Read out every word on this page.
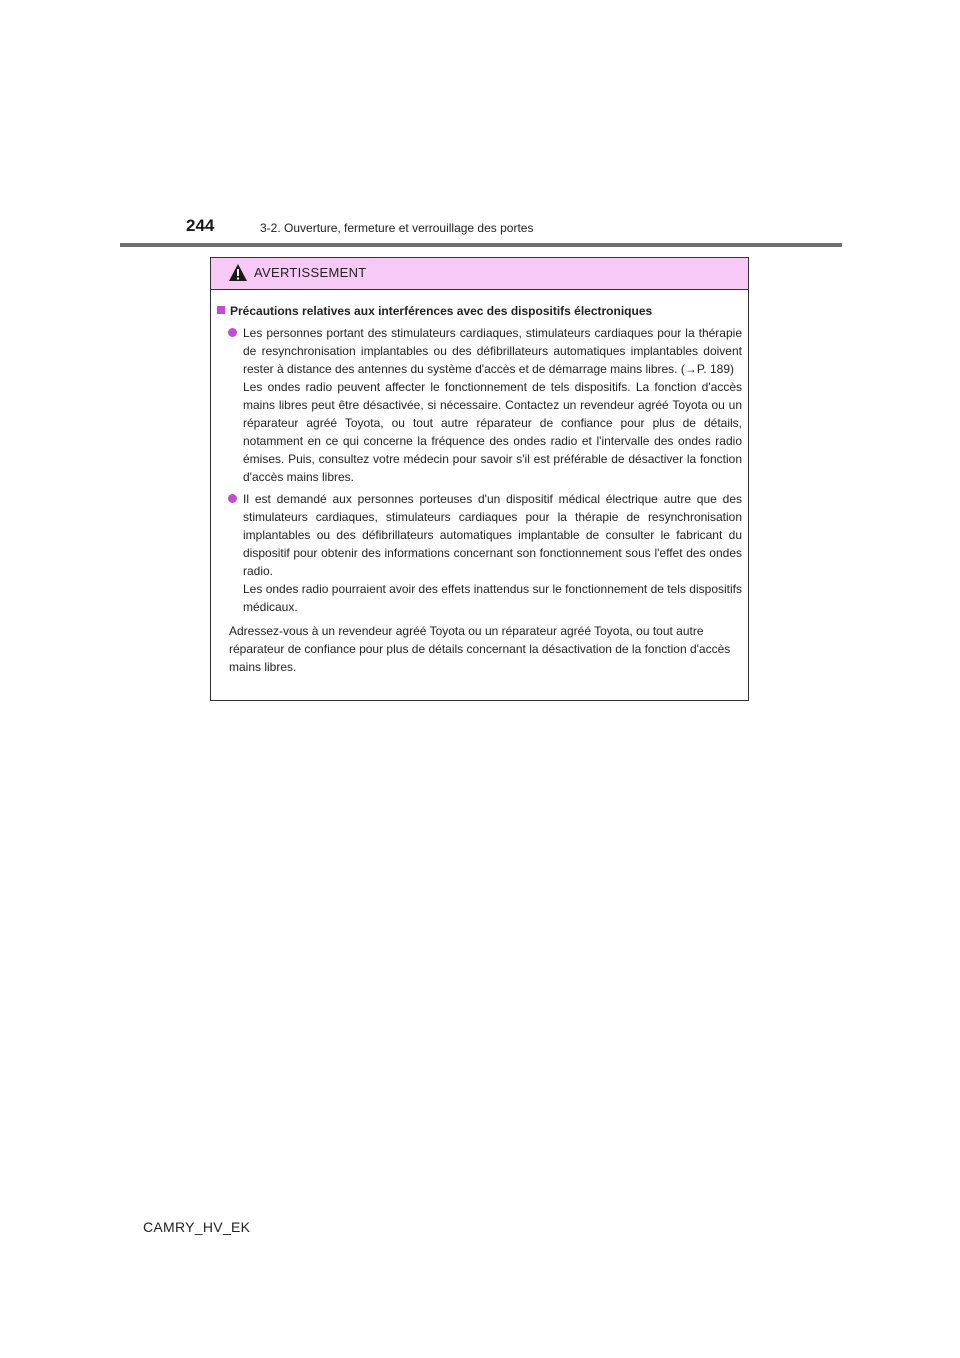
244	3-2. Ouverture, fermeture et verrouillage des portes
AVERTISSEMENT
Précautions relatives aux interférences avec des dispositifs électroniques

Les personnes portant des stimulateurs cardiaques, stimulateurs cardiaques pour la thérapie de resynchronisation implantables ou des défibrillateurs automatiques implantables doivent rester à distance des antennes du système d'accès et de démarrage mains libres. (→P. 189)

Les ondes radio peuvent affecter le fonctionnement de tels dispositifs. La fonction d'accès mains libres peut être désactivée, si nécessaire. Contactez un revendeur agréé Toyota ou un réparateur agréé Toyota, ou tout autre réparateur de confiance pour plus de détails, notamment en ce qui concerne la fréquence des ondes radio et l'intervalle des ondes radio émises. Puis, consultez votre médecin pour savoir s'il est préférable de désactiver la fonction d'accès mains libres.

Il est demandé aux personnes porteuses d'un dispositif médical électrique autre que des stimulateurs cardiaques, stimulateurs cardiaques pour la thérapie de resynchronisation implantables ou des défibrillateurs automatiques implantable de consulter le fabricant du dispositif pour obtenir des informations concernant son fonctionnement sous l'effet des ondes radio.

Les ondes radio pourraient avoir des effets inattendus sur le fonctionnement de tels dispositifs médicaux.

Adressez-vous à un revendeur agréé Toyota ou un réparateur agréé Toyota, ou tout autre réparateur de confiance pour plus de détails concernant la désactivation de la fonction d'accès mains libres.

CAMRY_HV_EK
